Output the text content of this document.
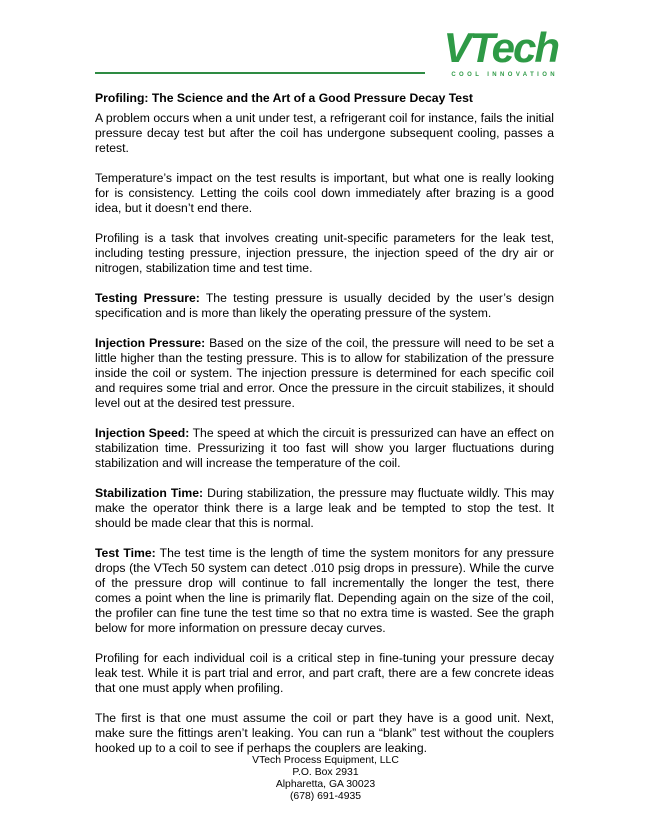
VTech
COOL INNOVATION
Profiling: The Science and the Art of a Good Pressure Decay Test

A problem occurs when a unit under test, a refrigerant coil for instance, fails the initial pressure decay test but after the coil has undergone subsequent cooling, passes a retest.

Temperature’s impact on the test results is important, but what one is really looking for is consistency. Letting the coils cool down immediately after brazing is a good idea, but it doesn’t end there.

Profiling is a task that involves creating unit-specific parameters for the leak test, including testing pressure, injection pressure, the injection speed of the dry air or nitrogen, stabilization time and test time.

Testing Pressure: The testing pressure is usually decided by the user’s design specification and is more than likely the operating pressure of the system.

Injection Pressure: Based on the size of the coil, the pressure will need to be set a little higher than the testing pressure. This is to allow for stabilization of the pressure inside the coil or system. The injection pressure is determined for each specific coil and requires some trial and error. Once the pressure in the circuit stabilizes, it should level out at the desired test pressure.

Injection Speed: The speed at which the circuit is pressurized can have an effect on stabilization time. Pressurizing it too fast will show you larger fluctuations during stabilization and will increase the temperature of the coil.

Stabilization Time: During stabilization, the pressure may fluctuate wildly. This may make the operator think there is a large leak and be tempted to stop the test. It should be made clear that this is normal.

Test Time: The test time is the length of time the system monitors for any pressure drops (the VTech 50 system can detect .010 psig drops in pressure). While the curve of the pressure drop will continue to fall incrementally the longer the test, there comes a point when the line is primarily flat. Depending again on the size of the coil, the profiler can fine tune the test time so that no extra time is wasted. See the graph below for more information on pressure decay curves.

Profiling for each individual coil is a critical step in fine-tuning your pressure decay leak test. While it is part trial and error, and part craft, there are a few concrete ideas that one must apply when profiling.

The first is that one must assume the coil or part they have is a good unit. Next, make sure the fittings aren’t leaking. You can run a “blank” test without the couplers hooked up to a coil to see if perhaps the couplers are leaking.

VTech Process Equipment, LLC
P.O. Box 2931
Alpharetta, GA 30023
(678) 691-4935
